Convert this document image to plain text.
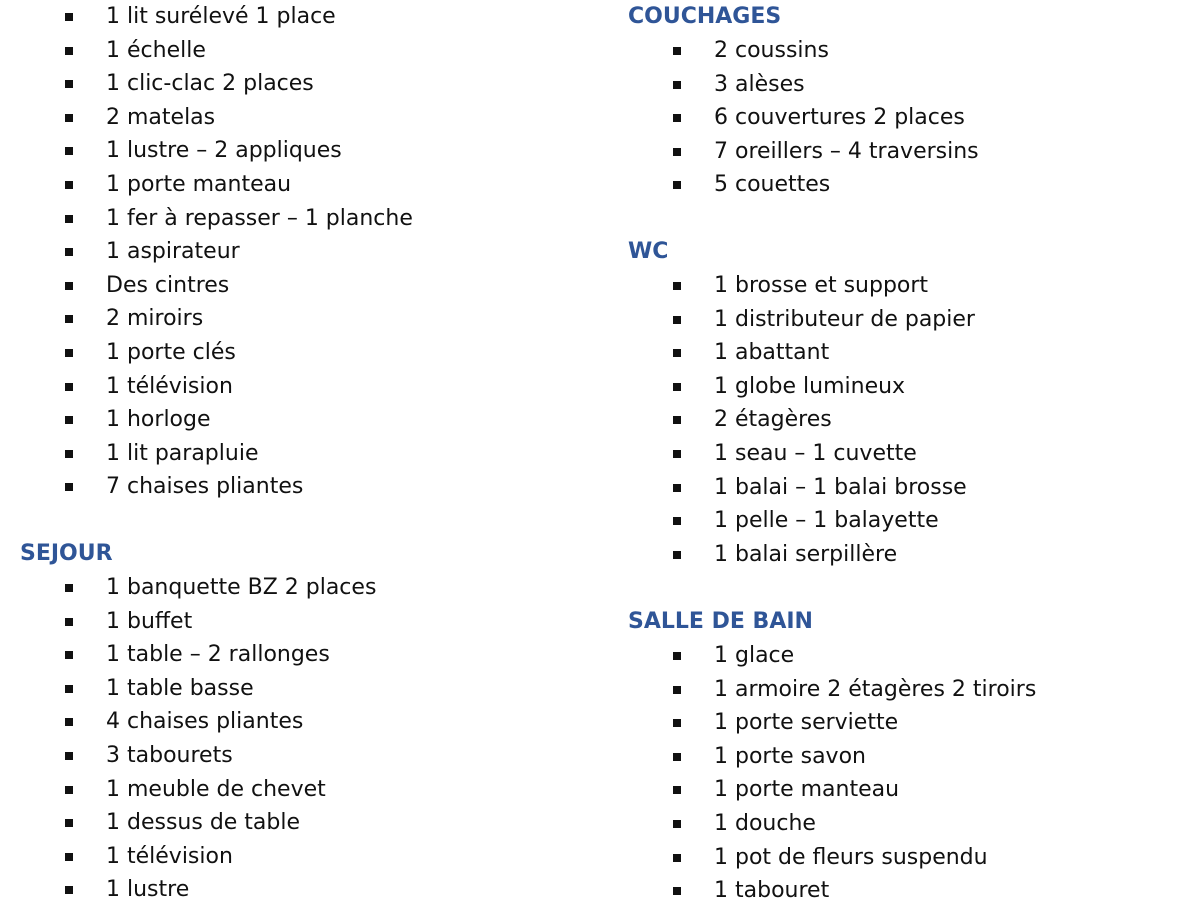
1 lit surélevé 1 place
1 échelle
1 clic-clac 2 places
2 matelas
1 lustre – 2 appliques
1 porte manteau
1 fer à repasser – 1 planche
1 aspirateur
Des cintres
2 miroirs
1 porte clés
1 télévision
1 horloge
1 lit parapluie
7 chaises pliantes
SEJOUR
1 banquette BZ 2 places
1 buffet
1 table – 2 rallonges
1 table basse
4 chaises pliantes
3 tabourets
1 meuble de chevet
1 dessus de table
1 télévision
1 lustre
COUCHAGES
2 coussins
3 alèses
6 couvertures 2 places
7 oreillers – 4 traversins
5 couettes
WC
1 brosse et support
1 distributeur de papier
1 abattant
1 globe lumineux
2 étagères
1 seau – 1 cuvette
1 balai – 1 balai brosse
1 pelle – 1 balayette
1 balai serpillère
SALLE DE BAIN
1 glace
1 armoire 2 étagères 2 tiroirs
1 porte serviette
1 porte savon
1 porte manteau
1 douche
1 pot de fleurs suspendu
1 tabouret
